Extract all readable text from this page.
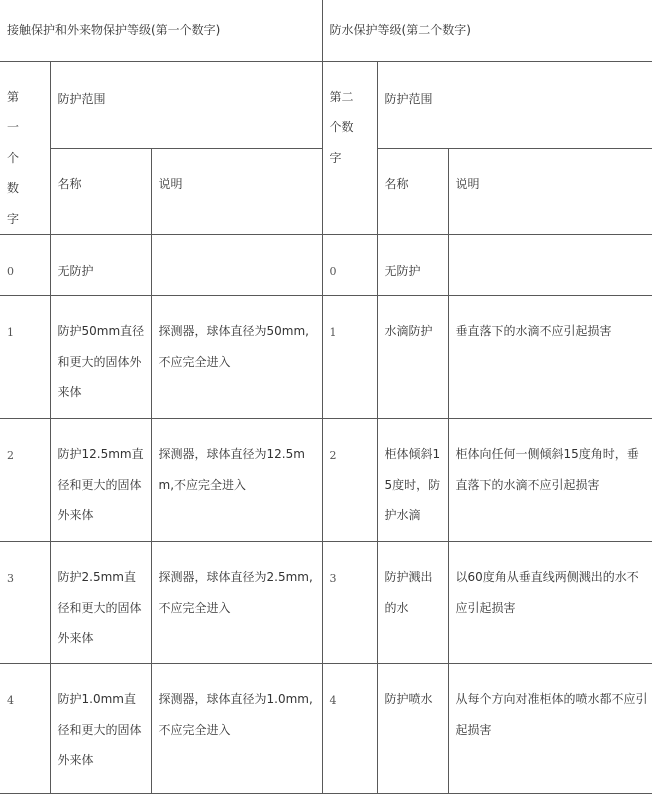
接触保护和外来物保护等级(第一个数字)			防水保护等级(第二个数字)		

第一个数字	防护范围		第二个数字	防护范围	

	名称	说明		名称	说明

0	无防护		0	无防护	

1	防护50mm直径和更大的固体外来体	探测器，球体直径为50mm,不应完全进入	1	水滴防护	垂直落下的水滴不应引起损害

2	防护12.5mm直径和更大的固体外来体	探测器，球体直径为12.5mm,不应完全进入	2	柜体倾斜15度时，防护水滴	柜体向任何一侧倾斜15度角时，垂直落下的水滴不应引起损害

3	防护2.5mm直径和更大的固体外来体	探测器，球体直径为2.5mm,不应完全进入	3	防护溅出的水	以60度角从垂直线两侧溅出的水不应引起损害

4	防护1.0mm直径和更大的固体外来体	探测器，球体直径为1.0mm,不应完全进入	4	防护喷水	从每个方向对准柜体的喷水都不应引起损害
